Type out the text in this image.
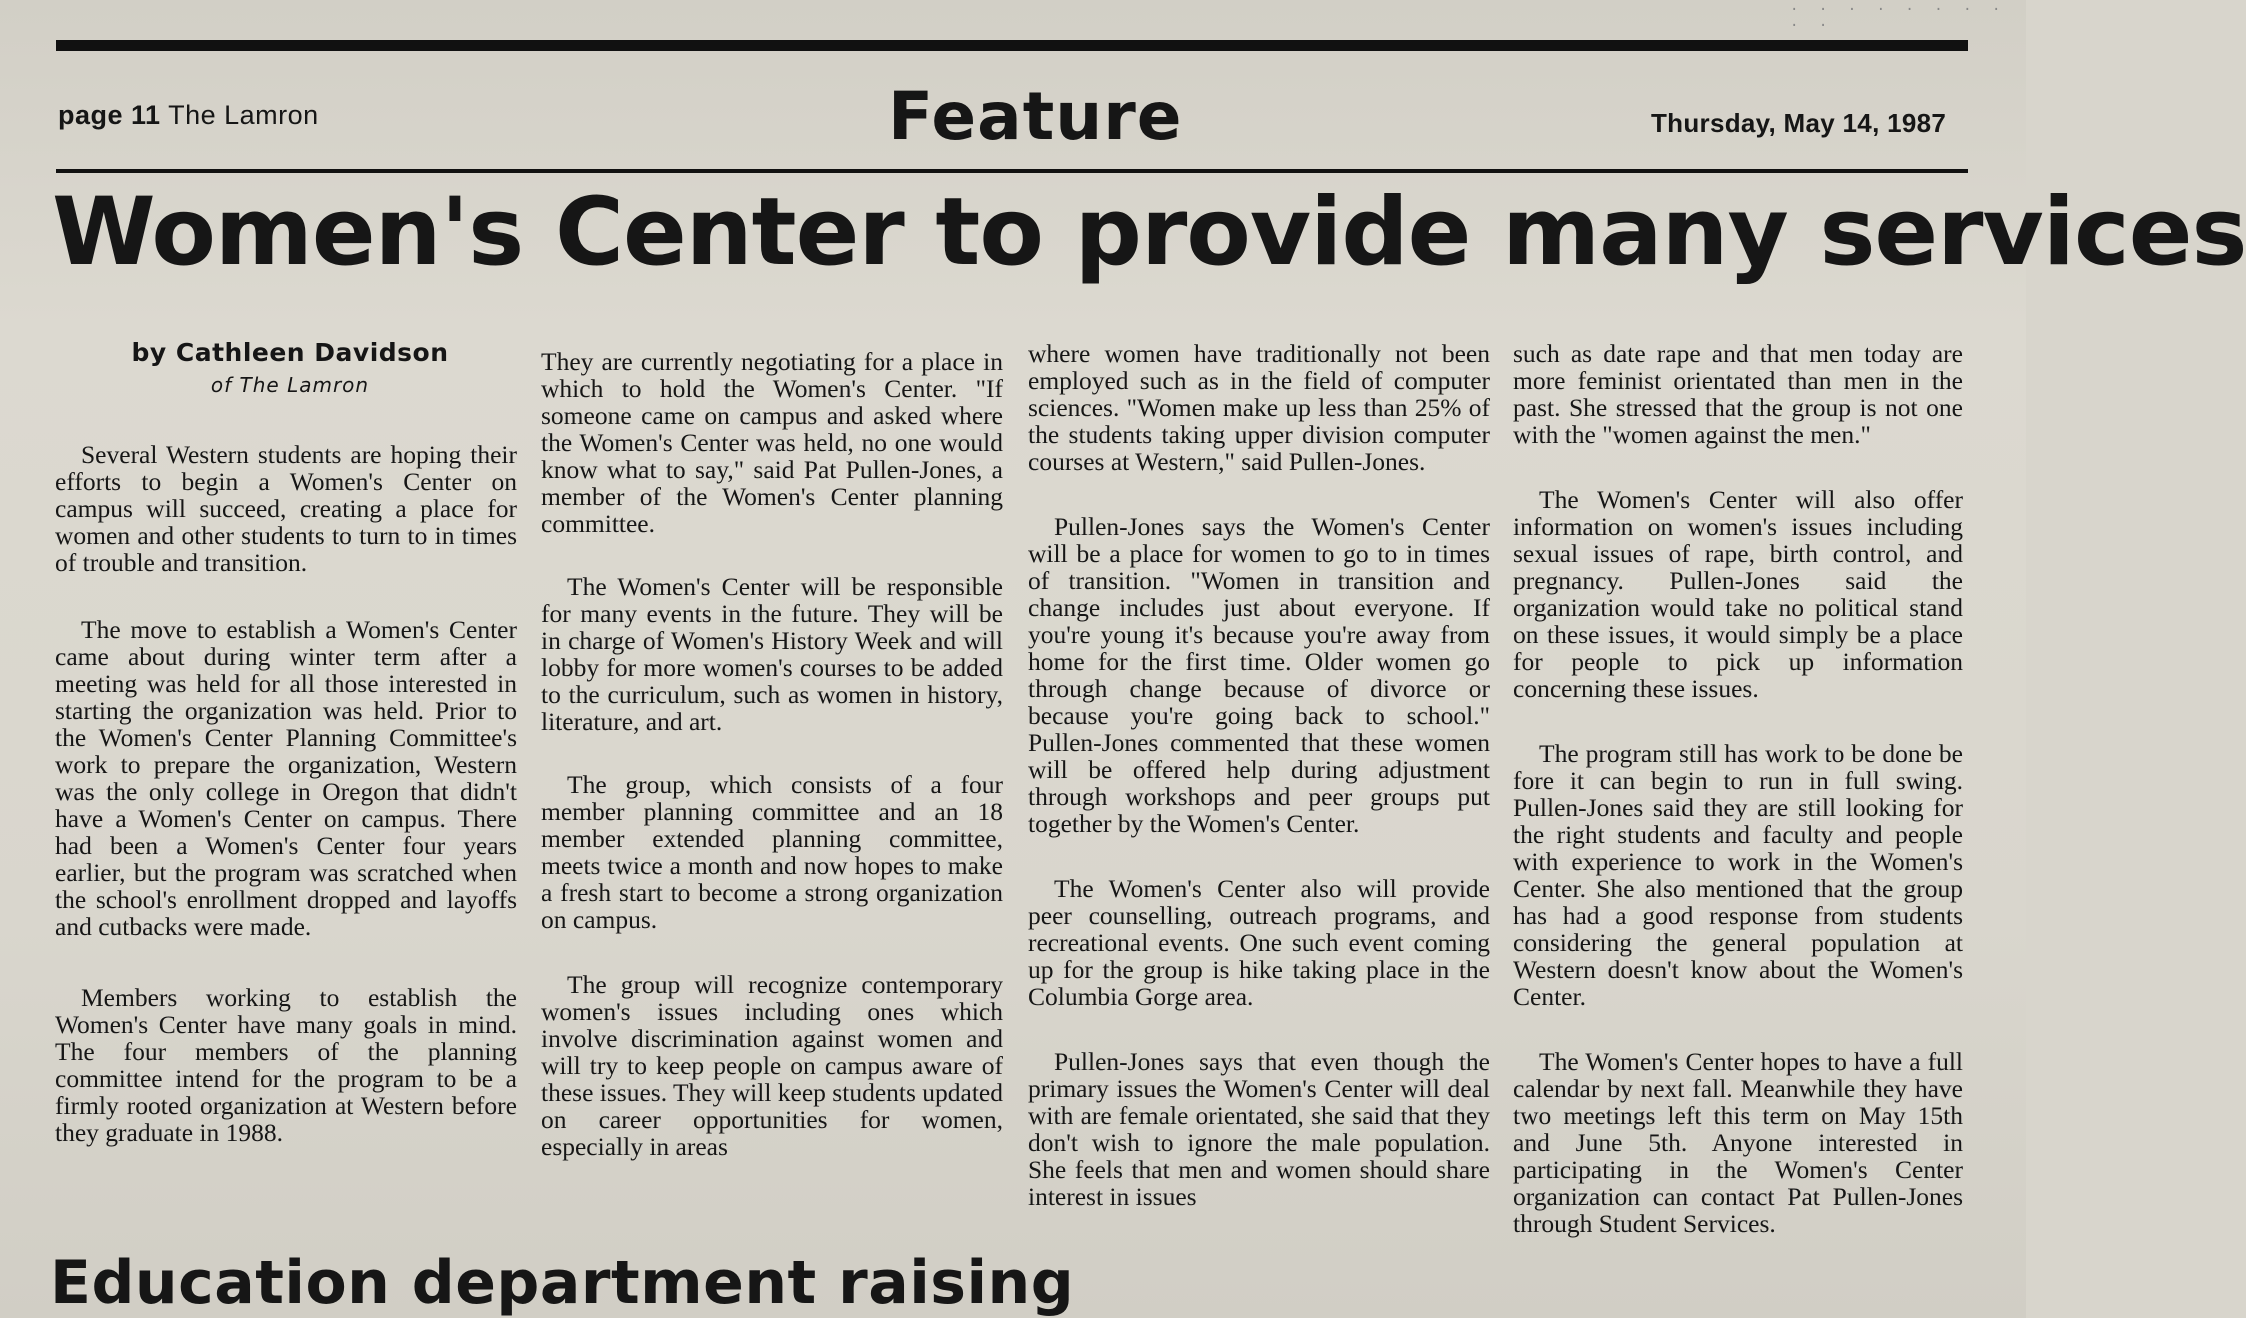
· · · · · · · · · ·
page 11 The Lamron	Feature	Thursday, May 14, 1987
Women's Center to provide many services
by Cathleen Davidson
of The Lamron

Several Western students are hoping their efforts to begin a Women's Center on campus will succeed, creating a place for women and other students to turn to in times of trouble and transition.

The move to establish a Women's Center came about during winter term after a meeting was held for all those interested in starting the organization was held. Prior to the Women's Center Planning Committee's work to prepare the organization, Western was the only college in Oregon that didn't have a Women's Center on campus. There had been a Women's Center four years earlier, but the program was scratched when the school's enrollment dropped and layoffs and cutbacks were made.

Members working to establish the Women's Center have many goals in mind. The four members of the planning committee intend for the program to be a firmly rooted organization at Western before they graduate in 1988.

They are currently negotiating for a place in which to hold the Women's Center. "If someone came on campus and asked where the Women's Center was held, no one would know what to say," said Pat Pullen-Jones, a member of the Women's Center planning committee.

The Women's Center will be responsible for many events in the future. They will be in charge of Women's History Week and will lobby for more women's courses to be added to the curriculum, such as women in history, literature, and art.

The group, which consists of a four member planning committee and an 18 member extended planning committee, meets twice a month and now hopes to make a fresh start to become a strong organization on campus.

The group will recognize contemporary women's issues including ones which involve discrimination against women and will try to keep people on campus aware of these issues. They will keep students updated on career opportunities for women, especially in areas

where women have traditionally not been employed such as in the field of computer sciences. "Women make up less than 25% of the students taking upper division computer courses at Western," said Pullen-Jones.

Pullen-Jones says the Women's Center will be a place for women to go to in times of transition. "Women in transition and change includes just about everyone. If you're young it's because you're away from home for the first time. Older women go through change because of divorce or because you're going back to school." Pullen-Jones commented that these women will be offered help during adjustment through workshops and peer groups put together by the Women's Center.

The Women's Center also will provide peer counselling, outreach programs, and recreational events. One such event coming up for the group is hike taking place in the Columbia Gorge area.

Pullen-Jones says that even though the primary issues the Women's Center will deal with are female orientated, she said that they don't wish to ignore the male population. She feels that men and women should share interest in issues

such as date rape and that men today are more feminist orientated than men in the past. She stressed that the group is not one with the "women against the men."

The Women's Center will also offer information on women's issues including sexual issues of rape, birth control, and pregnancy. Pullen-Jones said the organization would take no political stand on these issues, it would simply be a place for people to pick up information concerning these issues.

The program still has work to be done be fore it can begin to run in full swing. Pullen-Jones said they are still looking for the right students and faculty and people with experience to work in the Women's Center. She also mentioned that the group has had a good response from students considering the general population at Western doesn't know about the Women's Center.

The Women's Center hopes to have a full calendar by next fall. Meanwhile they have two meetings left this term on May 15th and June 5th. Anyone interested in participating in the Women's Center organization can contact Pat Pullen-Jones through Student Services.

Education department raising
